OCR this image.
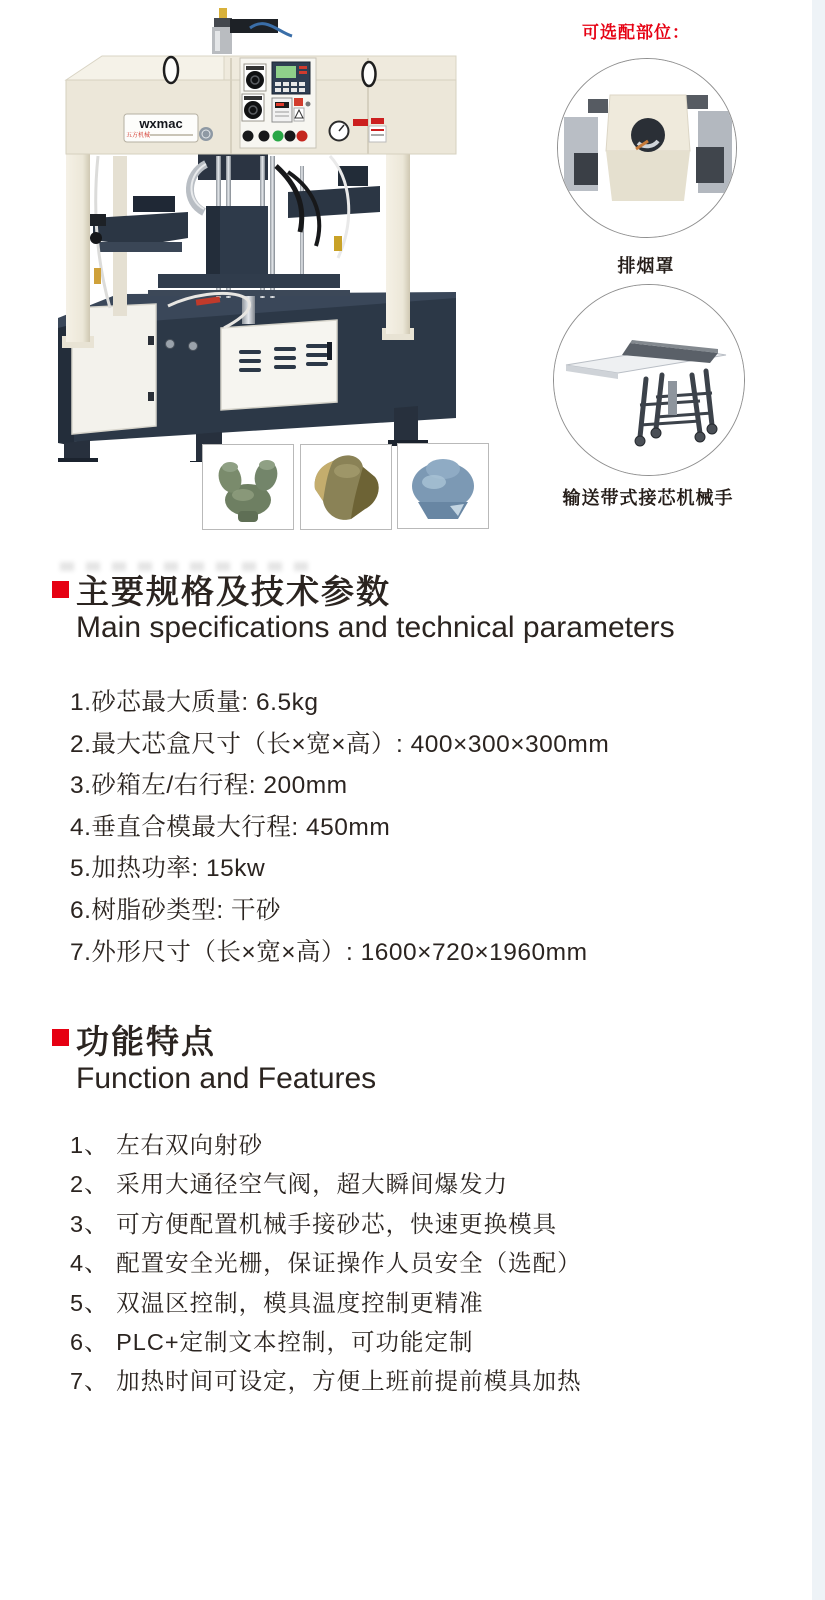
wxmac
五方机械
可选配部位：
排烟罩
输送带式接芯机械手
主要规格及技术参数
Main specifications and technical parameters
1.砂芯最大质量: 6.5kg
2.最大芯盒尺寸（长×宽×高）: 400×300×300mm
3.砂箱左/右行程: 200mm
4.垂直合模最大行程: 450mm
5.加热功率: 15kw
6.树脂砂类型: 干砂
7.外形尺寸（长×宽×高）: 1600×720×1960mm
功能特点
Function and Features
1、 左右双向射砂
2、 采用大通径空气阀，超大瞬间爆发力
3、 可方便配置机械手接砂芯，快速更换模具
4、 配置安全光栅，保证操作人员安全（选配）
5、 双温区控制，模具温度控制更精准
6、 PLC+定制文本控制，可功能定制
7、 加热时间可设定，方便上班前提前模具加热
